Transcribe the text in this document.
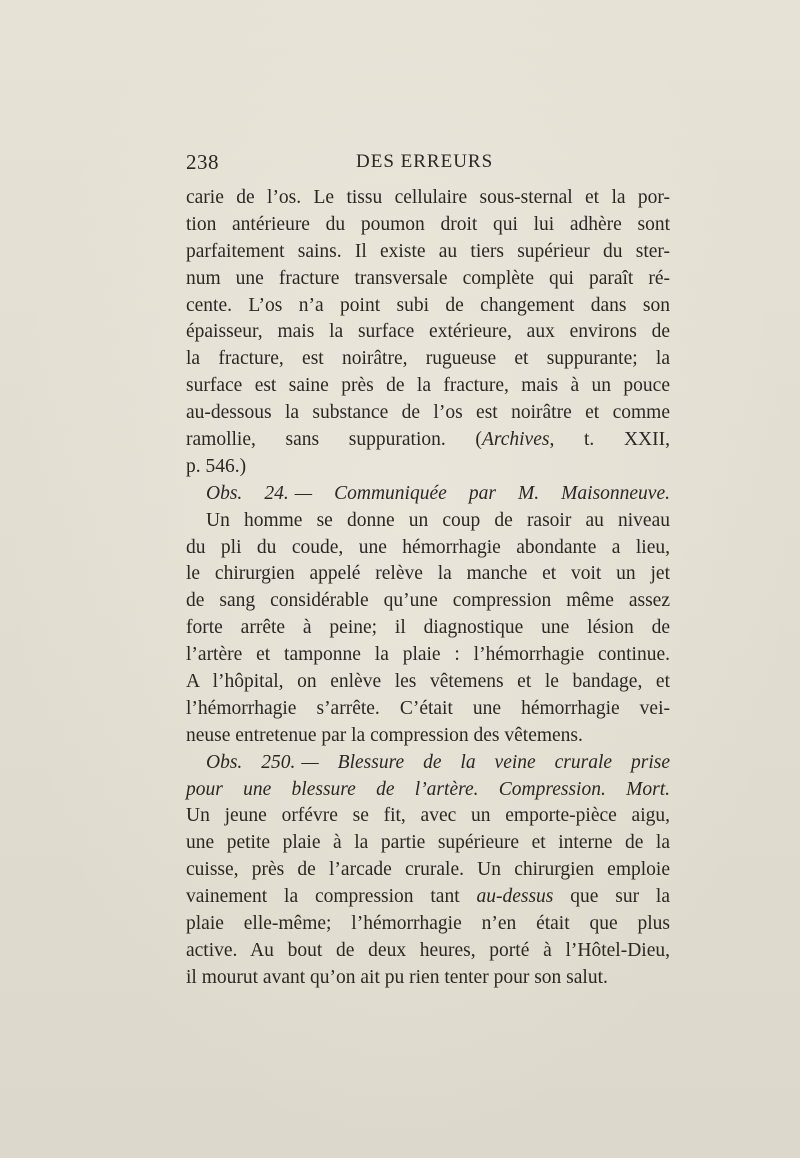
238	DES ERREURS
carie de l’os. Le tissu cellulaire sous-sternal et la por-
tion antérieure du poumon droit qui lui adhère sont
parfaitement sains. Il existe au tiers supérieur du ster-
num une fracture transversale complète qui paraît ré-
cente. L’os n’a point subi de changement dans son
épaisseur, mais la surface extérieure, aux environs de
la fracture, est noirâtre, rugueuse et suppurante; la
surface est saine près de la fracture, mais à un pouce
au-dessous la substance de l’os est noirâtre et comme
ramollie, sans suppuration. (Archives, t. XXII,
p. 546.)
Obs. 24. — Communiquée par M. Maisonneuve.
Un homme se donne un coup de rasoir au niveau
du pli du coude, une hémorrhagie abondante a lieu,
le chirurgien appelé relève la manche et voit un jet
de sang considérable qu’une compression même assez
forte arrête à peine; il diagnostique une lésion de
l’artère et tamponne la plaie : l’hémorrhagie continue.
A l’hôpital, on enlève les vêtemens et le bandage, et
l’hémorrhagie s’arrête. C’était une hémorrhagie vei-
neuse entretenue par la compression des vêtemens.
Obs. 250. — Blessure de la veine crurale prise
pour une blessure de l’artère. Compression. Mort.
Un jeune orfévre se fit, avec un emporte-pièce aigu,
une petite plaie à la partie supérieure et interne de la
cuisse, près de l’arcade crurale. Un chirurgien emploie
vainement la compression tant au-dessus que sur la
plaie elle-même; l’hémorrhagie n’en était que plus
active. Au bout de deux heures, porté à l’Hôtel-Dieu,
il mourut avant qu’on ait pu rien tenter pour son salut.
